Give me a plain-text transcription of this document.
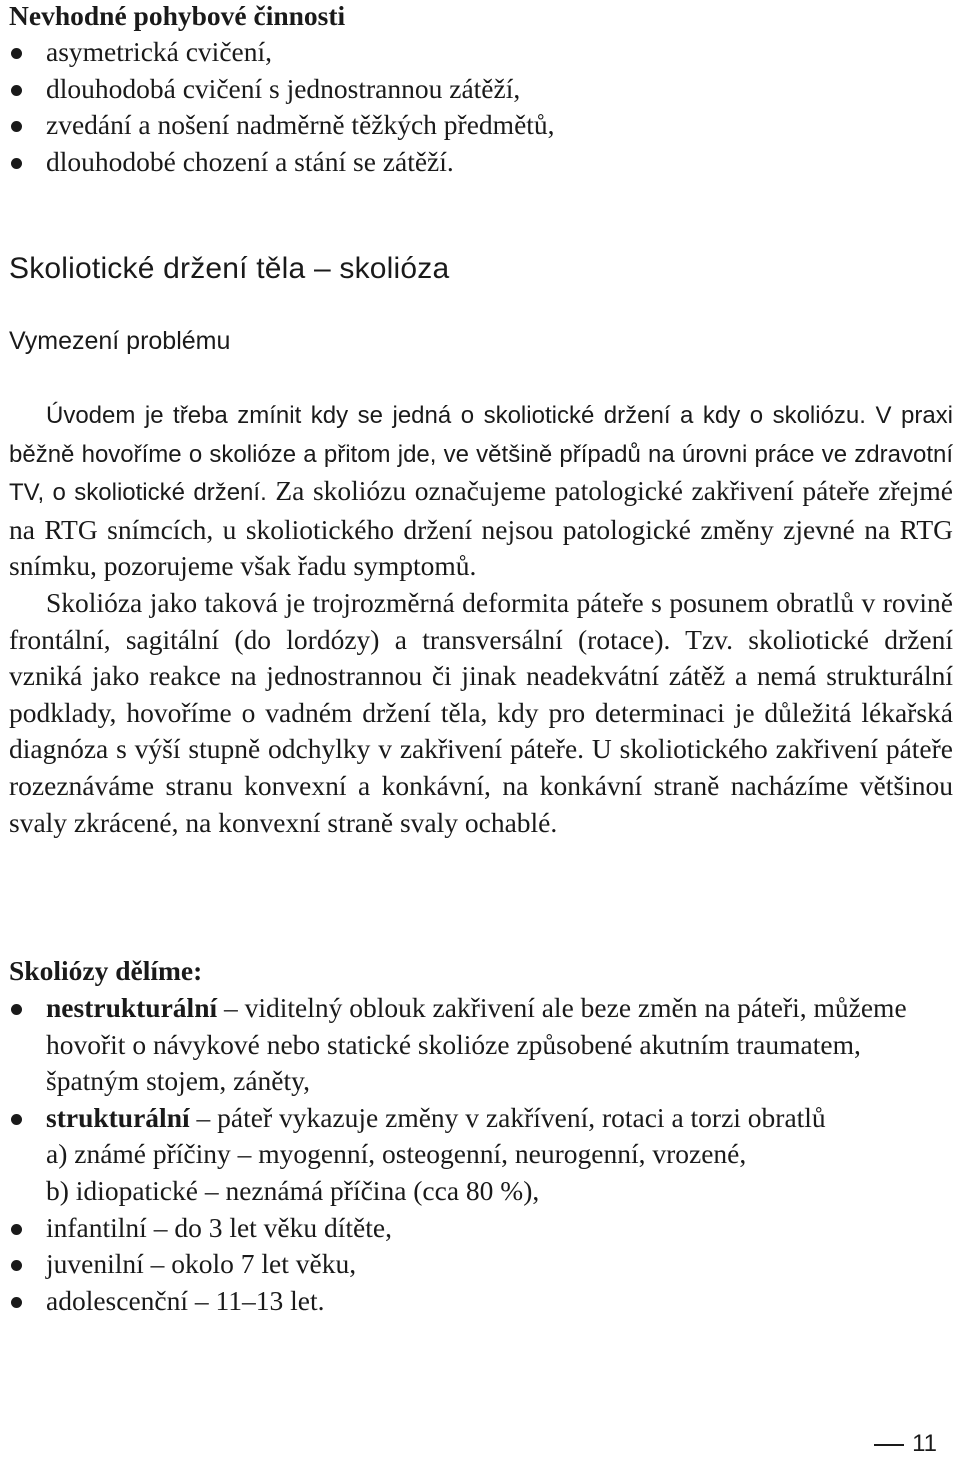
Nevhodné pohybové činnosti
asymetrická cvičení,
dlouhodobá cvičení s jednostrannou zátěží,
zvedání a nošení nadměrně těžkých předmětů,
dlouhodobé chození a stání se zátěží.
Skoliotické držení těla – skolióza
Vymezení problému

Úvodem je třeba zmínit kdy se jedná o skoliotické držení a kdy o skoliózu. V praxi běžně hovoříme o skolióze a přitom jde, ve většině případů na úrovni práce ve zdravotní TV, o skoliotické držení. Za skoliózu označujeme patologické zakřivení páteře zřejmé na RTG snímcích, u skoliotického držení nejsou patologické změny zjevné na RTG snímku, pozorujeme však řadu symptomů.

Skolióza jako taková je trojrozměrná deformita páteře s posunem obratlů v rovině frontální, sagitální (do lordózy) a transversální (rotace). Tzv. skoliotické držení vzniká jako reakce na jednostrannou či jinak neadekvátní zátěž a nemá strukturální podklady, hovoříme o vadném držení těla, kdy pro determinaci je důležitá lékařská diagnóza s výší stupně odchylky v zakřivení páteře. U skoliotického zakřivení páteře rozeznáváme stranu konvexní a konkávní, na konkávní straně nacházíme většinou svaly zkrácené, na konvexní straně svaly ochablé.

Skoliózy dělíme:
nestrukturální – viditelný oblouk zakřivení ale beze změn na páteři, můžeme hovořit o návykové nebo statické skolióze způsobené akutním traumatem, špatným stojem, záněty,
strukturální – páteř vykazuje změny v zakřívení, rotaci a torzi obratlů
a) známé příčiny – myogenní, osteogenní, neurogenní, vrozené,
b) idiopatické – neznámá příčina (cca 80 %),
infantilní – do 3 let věku dítěte,
juvenilní – okolo 7 let věku,
adolescenční – 11–13 let.
11
